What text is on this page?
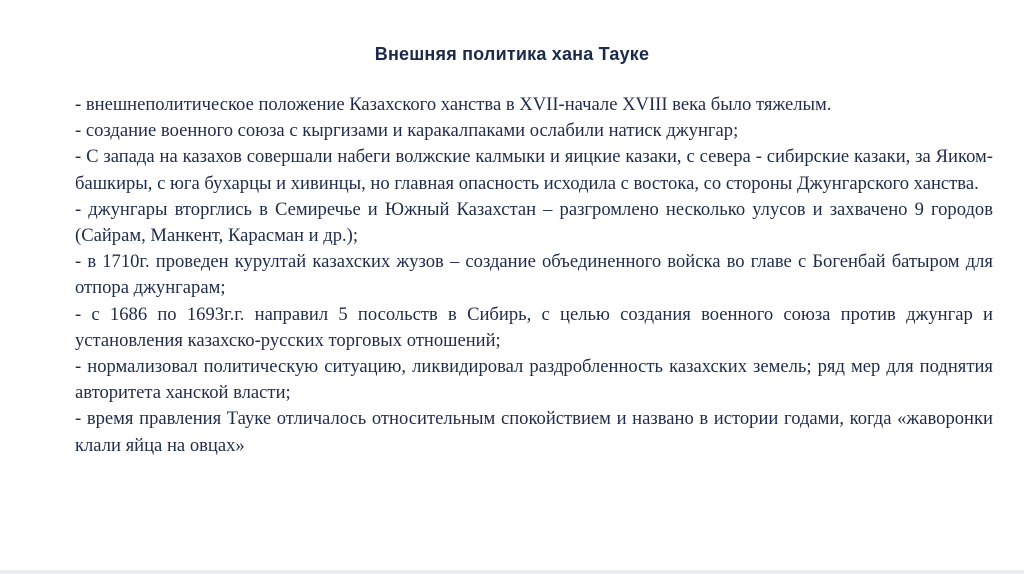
Внешняя политика хана Тауке

- внешнеполитическое положение Казахского ханства в XVII-начале XVIII века было тяжелым.

- создание военного союза с кыргизами и каракалпаками ослабили натиск джунгар;

- С запада на казахов совершали набеги волжские калмыки и яицкие казаки, с севера - сибирские казаки, за Яиком-башкиры, с юга бухарцы и хивинцы, но главная опасность исходила с востока, со стороны Джунгарского ханства.

- джунгары вторглись в Семиречье и Южный Казахстан – разгромлено несколько улусов и захвачено 9 городов (Сайрам, Манкент, Карасман и др.);

- в 1710г. проведен курултай казахских жузов – создание объединенного войска во главе с Богенбай батыром для отпора джунгарам;

- с 1686 по 1693г.г. направил 5 посольств в Сибирь, с целью создания военного союза против джунгар и установления казахско-русских торговых отношений;

- нормализовал политическую ситуацию, ликвидировал раздробленность казахских земель; ряд мер для поднятия авторитета ханской власти;

- время правления Тауке отличалось относительным спокойствием и названо в истории годами, когда «жаворонки клали яйца на овцах»
